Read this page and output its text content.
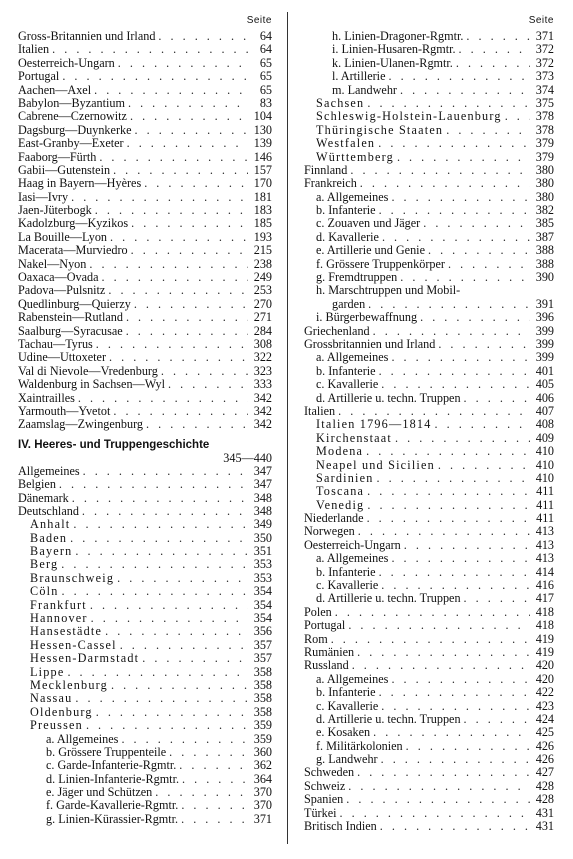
Seite
Gross-Britannien und Irland . . .	64
Italien . . .	64
Oesterreich-Ungarn . . .	65
Portugal . . .	65
Aachen—Axel . . .	65
Babylon—Byzantium . . .	83
Cabrene—Czernowitz . . .	104
Dagsburg—Duynkerke . . .	130
East-Granby—Exeter . . .	139
Faaborg—Fürth . . .	146
Gabii—Gutenstein . . .	157
Haag in Bayern—Hyères . . .	170
Iasi—Ivry . . .	181
Jaen-Jüterbogk . . .	183
Kadolzburg—Kyzikos . . .	185
La Bouille—Lyon . . .	193
Macerata—Murviedro . . .	215
Nakel—Nyon . . .	238
Oaxaca—Ovada . . .	249
Padova—Pulsnitz . . .	253
Quedlinburg—Quierzy . . .	270
Rabenstein—Rutland . . .	271
Saalburg—Syracusae . . .	284
Tachau—Tyrus . . .	308
Udine—Uttoxeter . . .	322
Val di Nievole—Vredenburg . . .	323
Waldenburg in Sachsen—Wyl . . .	333
Xaintrailles . . .	342
Yarmouth—Yvetot . . .	342
Zaamslag—Zwingenburg . . .	342
IV. Heeres- und Truppengeschichte
345—440
Allgemeines . . .	347
Belgien . . .	347
Dänemark . . .	348
Deutschland . . .	348
Anhalt . . .	349
Baden . . .	350
Bayern . . .	351
Berg . . .	353
Braunschweig . . .	353
Cöln . . .	354
Frankfurt . . .	354
Hannover . . .	354
Hansestädte . . .	356
Hessen-Cassel . . .	357
Hessen-Darmstadt . . .	357
Lippe . . .	358
Mecklenburg . . .	358
Nassau . . .	358
Oldenburg . . .	358
Preussen . . .	359
a. Allgemeines . . .	359
b. Grössere Truppenteile . . .	360
c. Garde-Infanterie-Rgmtr. . . .	362
d. Linien-Infanterie-Rgmtr. . . .	364
e. Jäger und Schützen . . .	370
f. Garde-Kavallerie-Rgmtr. . . .	370
g. Linien-Kürassier-Rgmtr. . . .	371
Seite
h. Linien-Dragoner-Rgmtr. . . .	371
i. Linien-Husaren-Rgmtr. . . .	372
k. Linien-Ulanen-Rgmtr. . . .	372
l. Artillerie . . .	373
m. Landwehr . . .	374
Sachsen . . .	375
Schleswig-Holstein-Lauenburg . . .	378
Thüringische Staaten . . .	378
Westfalen . . .	379
Württemberg . . .	379
Finnland . . .	380
Frankreich . . .	380
a. Allgemeines . . .	380
b. Infanterie . . .	382
c. Zouaven und Jäger . . .	385
d. Kavallerie . . .	387
e. Artillerie und Genie . . .	388
f. Grössere Truppenkörper . . .	388
g. Fremdtruppen . . .	390
h. Marschtruppen und Mobil-
garden . . .	391
i. Bürgerbewaffnung . . .	396
Griechenland . . .	399
Grossbritannien und Irland . . .	399
a. Allgemeines . . .	399
b. Infanterie . . .	401
c. Kavallerie . . .	405
d. Artillerie u. techn. Truppen . . .	406
Italien . . .	407
Italien 1796—1814 . . .	408
Kirchenstaat . . .	409
Modena . . .	410
Neapel und Sicilien . . .	410
Sardinien . . .	410
Toscana . . .	411
Venedig . . .	411
Niederlande . . .	411
Norwegen . . .	413
Oesterreich-Ungarn . . .	413
a. Allgemeines . . .	413
b. Infanterie . . .	414
c. Kavallerie . . .	416
d. Artillerie u. techn. Truppen . . .	417
Polen . . .	418
Portugal . . .	418
Rom . . .	419
Rumänien . . .	419
Russland . . .	420
a. Allgemeines . . .	420
b. Infanterie . . .	422
c. Kavallerie . . .	423
d. Artillerie u. techn. Truppen . . .	424
e. Kosaken . . .	425
f. Militärkolonien . . .	426
g. Landwehr . . .	426
Schweden . . .	427
Schweiz . . .	428
Spanien . . .	428
Türkei . . .	431
Britisch Indien . . .	431
